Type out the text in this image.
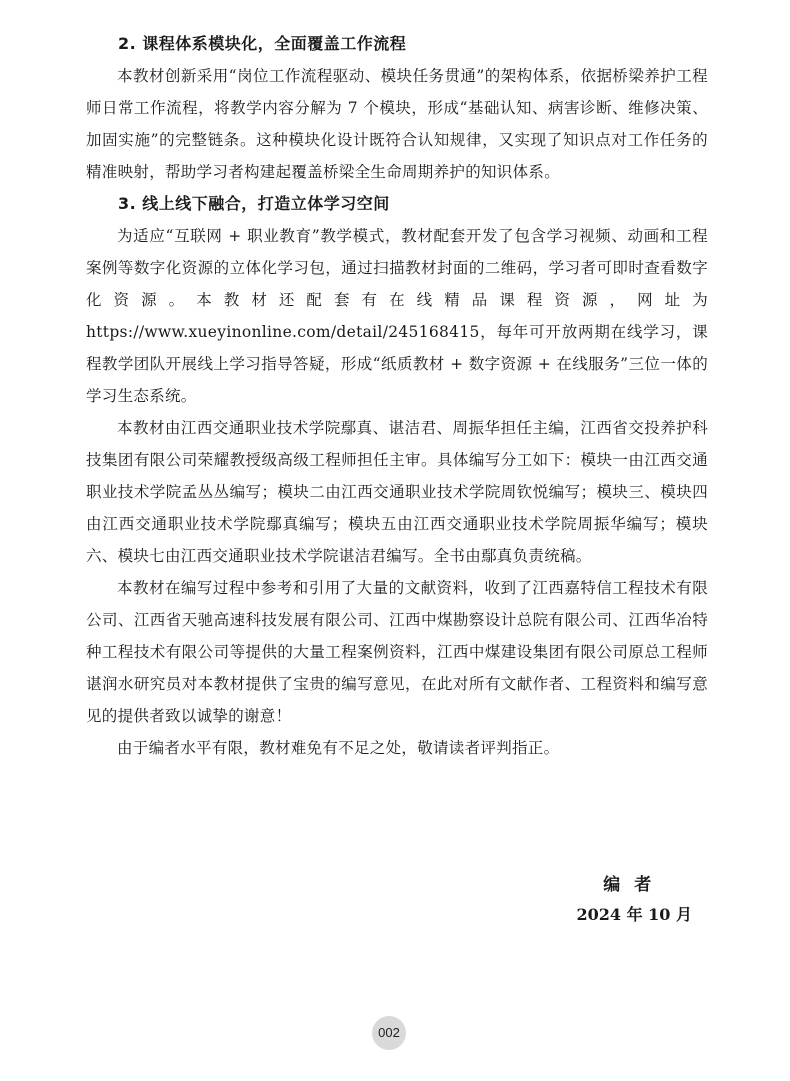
2. 课程体系模块化，全面覆盖工作流程

本教材创新采用“岗位工作流程驱动、模块任务贯通”的架构体系，依据桥梁养护工程师日常工作流程，将教学内容分解为 7 个模块，形成“基础认知、病害诊断、维修决策、加固实施”的完整链条。这种模块化设计既符合认知规律，又实现了知识点对工作任务的精准映射，帮助学习者构建起覆盖桥梁全生命周期养护的知识体系。

3. 线上线下融合，打造立体学习空间

为适应“互联网 + 职业教育”教学模式，教材配套开发了包含学习视频、动画和工程案例等数字化资源的立体化学习包，通过扫描教材封面的二维码，学习者可即时查看数字化资源。本教材还配套有在线精品课程资源，网址为 https://www.xueyinonline.com/detail/245168415，每年可开放两期在线学习，课程教学团队开展线上学习指导答疑，形成“纸质教材 + 数字资源 + 在线服务”三位一体的学习生态系统。

本教材由江西交通职业技术学院鄢真、谌洁君、周振华担任主编，江西省交投养护科技集团有限公司荣耀教授级高级工程师担任主审。具体编写分工如下：模块一由江西交通职业技术学院孟丛丛编写；模块二由江西交通职业技术学院周钦悦编写；模块三、模块四由江西交通职业技术学院鄢真编写；模块五由江西交通职业技术学院周振华编写；模块六、模块七由江西交通职业技术学院谌洁君编写。全书由鄢真负责统稿。

本教材在编写过程中参考和引用了大量的文献资料，收到了江西嘉特信工程技术有限公司、江西省天驰高速科技发展有限公司、江西中煤勘察设计总院有限公司、江西华冶特种工程技术有限公司等提供的大量工程案例资料，江西中煤建设集团有限公司原总工程师谌润水研究员对本教材提供了宝贵的编写意见，在此对所有文献作者、工程资料和编写意见的提供者致以诚挚的谢意！

由于编者水平有限，教材难免有不足之处，敬请读者评判指正。

编者
2024 年 10 月
002
